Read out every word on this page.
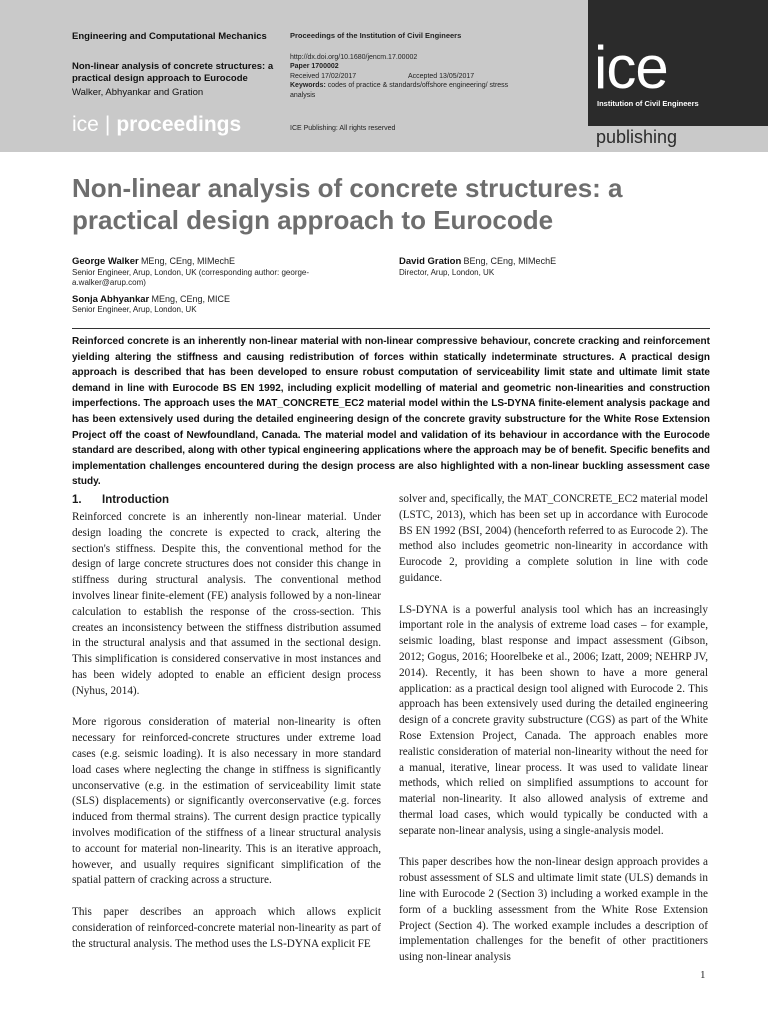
Engineering and Computational Mechanics
Non-linear analysis of concrete structures: a practical design approach to Eurocode
Walker, Abhyankar and Gration
Proceedings of the Institution of Civil Engineers
http://dx.doi.org/10.1680/jencm.17.00002
Paper 1700002
Received 17/02/2017	Accepted 13/05/2017
Keywords: codes of practice & standards/offshore engineering/ stress analysis
ICE Publishing: All rights reserved
ice | proceedings
ice
Institution of Civil Engineers
publishing
Non-linear analysis of concrete structures: a practical design approach to Eurocode
George Walker MEng, CEng, MIMechE
Senior Engineer, Arup, London, UK (corresponding author: george-a.walker@arup.com)
Sonja Abhyankar MEng, CEng, MICE
Senior Engineer, Arup, London, UK
David Gration BEng, CEng, MIMechE
Director, Arup, London, UK
Reinforced concrete is an inherently non-linear material with non-linear compressive behaviour, concrete cracking and reinforcement yielding altering the stiffness and causing redistribution of forces within statically indeterminate structures. A practical design approach is described that has been developed to ensure robust computation of serviceability limit state and ultimate limit state demand in line with Eurocode BS EN 1992, including explicit modelling of material and geometric non-linearities and construction imperfections. The approach uses the MAT_CONCRETE_EC2 material model within the LS-DYNA finite-element analysis package and has been extensively used during the detailed engineering design of the concrete gravity substructure for the White Rose Extension Project off the coast of Newfoundland, Canada. The material model and validation of its behaviour in accordance with the Eurocode standard are described, along with other typical engineering applications where the approach may be of benefit. Specific benefits and implementation challenges encountered during the design process are also highlighted with a non-linear buckling assessment case study.
1. Introduction

Reinforced concrete is an inherently non-linear material. Under design loading the concrete is expected to crack, altering the section's stiffness. Despite this, the conventional method for the design of large concrete structures does not consider this change in stiffness during structural analysis. The conventional method involves linear finite-element (FE) analysis followed by a non-linear calculation to establish the response of the cross-section. This creates an inconsistency between the stiffness distribution assumed in the structural analysis and that assumed in the sectional design. This simplification is considered conservative in most instances and has been widely adopted to enable an efficient design process (Nyhus, 2014).

More rigorous consideration of material non-linearity is often necessary for reinforced-concrete structures under extreme load cases (e.g. seismic loading). It is also necessary in more standard load cases where neglecting the change in stiffness is significantly unconservative (e.g. in the estimation of serviceability limit state (SLS) displacements) or significantly overconservative (e.g. forces induced from thermal strains). The current design practice typically involves modification of the stiffness of a linear structural analysis to account for material non-linearity. This is an iterative approach, however, and usually requires significant simplification of the spatial pattern of cracking across a structure.

This paper describes an approach which allows explicit consideration of reinforced-concrete material non-linearity as part of the structural analysis. The method uses the LS-DYNA explicit FE

solver and, specifically, the MAT_CONCRETE_EC2 material model (LSTC, 2013), which has been set up in accordance with Eurocode BS EN 1992 (BSI, 2004) (henceforth referred to as Eurocode 2). The method also includes geometric non-linearity in accordance with Eurocode 2, providing a complete solution in line with code guidance.

LS-DYNA is a powerful analysis tool which has an increasingly important role in the analysis of extreme load cases – for example, seismic loading, blast response and impact assessment (Gibson, 2012; Gogus, 2016; Hoorelbeke et al., 2006; Izatt, 2009; NEHRP JV, 2014). Recently, it has been shown to have a more general application: as a practical design tool aligned with Eurocode 2. This approach has been extensively used during the detailed engineering design of a concrete gravity substructure (CGS) as part of the White Rose Extension Project, Canada. The approach enables more realistic consideration of material non-linearity without the need for a manual, iterative, linear process. It was used to validate linear methods, which relied on simplified assumptions to account for material non-linearity. It also allowed analysis of extreme and thermal load cases, which would typically be conducted with a separate non-linear analysis, using a single-analysis model.

This paper describes how the non-linear design approach provides a robust assessment of SLS and ultimate limit state (ULS) demands in line with Eurocode 2 (Section 3) including a worked example in the form of a buckling assessment from the White Rose Extension Project (Section 4). The worked example includes a description of implementation challenges for the benefit of other practitioners using non-linear analysis

1
